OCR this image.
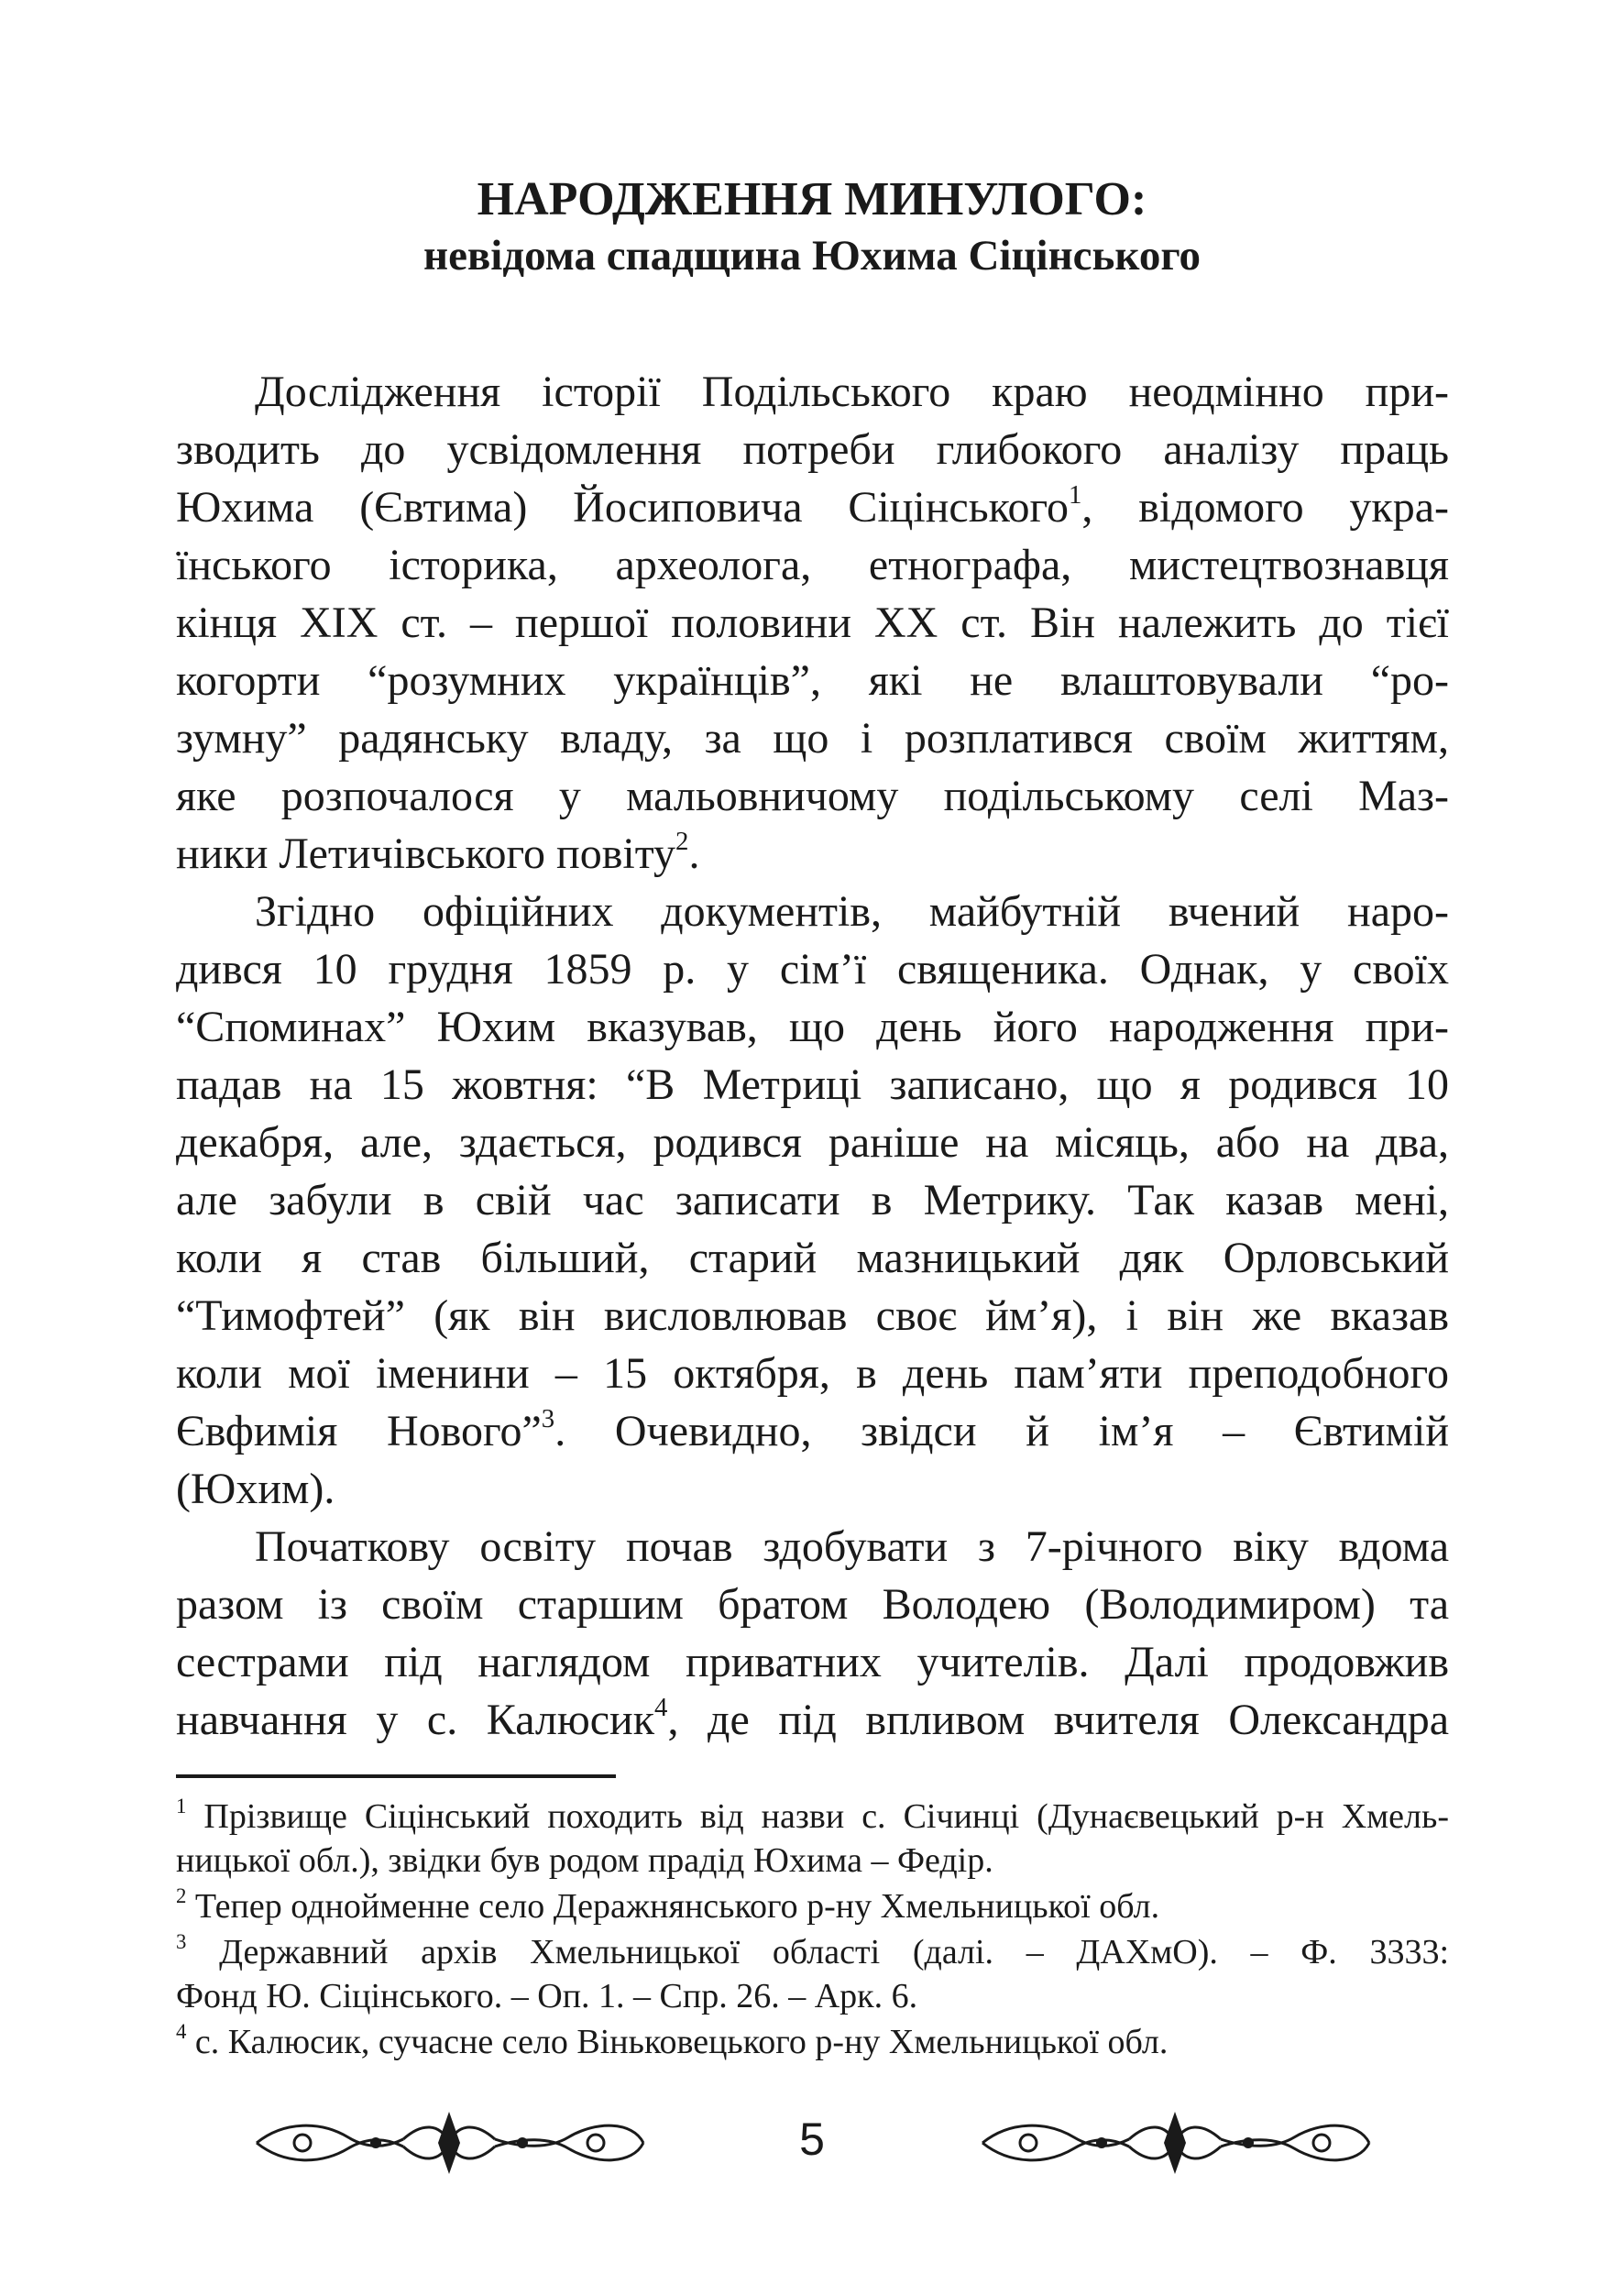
НАРОДЖЕННЯ МИНУЛОГО:
невідома спадщина Юхима Сіцінського
Дослідження історії Подільського краю неодмінно при-
зводить до усвідомлення потреби глибокого аналізу праць
Юхима (Євтима) Йосиповича Сіцінського$^1$, відомого укра-
їнського історика, археолога, етнографа, мистецтвознавця
кінця XIX ст. – першої половини XX ст. Він належить до тієї
когорти “розумних українців”, які не влаштовували “ро-
зумну” радянську владу, за що і розплатився своїм життям,
яке розпочалося у мальовничому подільському селі Маз-
ники Летичівського повіту$^2$.
Згідно офіційних документів, майбутній вчений наро-
дився 10 грудня 1859 р. у сім’ї священика. Однак, у своїх
“Споминах” Юхим вказував, що день його народження при-
падав на 15 жовтня: “В Метриці записано, що я родився 10
декабря, але, здається, родився раніше на місяць, або на два,
але забули в свій час записати в Метрику. Так казав мені,
коли я став більший, старий мазницький дяк Орловський
“Тимофтей” (як він висловлював своє йм’я), і він же вказав
коли мої іменини – 15 октября, в день пам’яти преподобного
Євфимія Нового”$^3$. Очевидно, звідси й ім’я – Євтимій
(Юхим).
Початкову освіту почав здобувати з 7-річного віку вдома
разом із своїм старшим братом Володею (Володимиром) та
сестрами під наглядом приватних учителів. Далі продовжив
навчання у с. Калюсик$^4$, де під впливом вчителя Олександра
$^1$ Прізвище Сіцінський походить від назви с. Січинці (Дунаєвецький р-н Хмель-
ницької обл.), звідки був родом прадід Юхима – Федір.
$^2$ Тепер однойменне село Деражнянського р-ну Хмельницької обл.
$^3$ Державний архів Хмельницької області (далі. – ДАХмО). – Ф. 3333:
Фонд Ю. Сіцінського. – Оп. 1. – Спр. 26. – Арк. 6.
$^4$ с. Калюсик, сучасне село Віньковецького р-ну Хмельницької обл.
5
